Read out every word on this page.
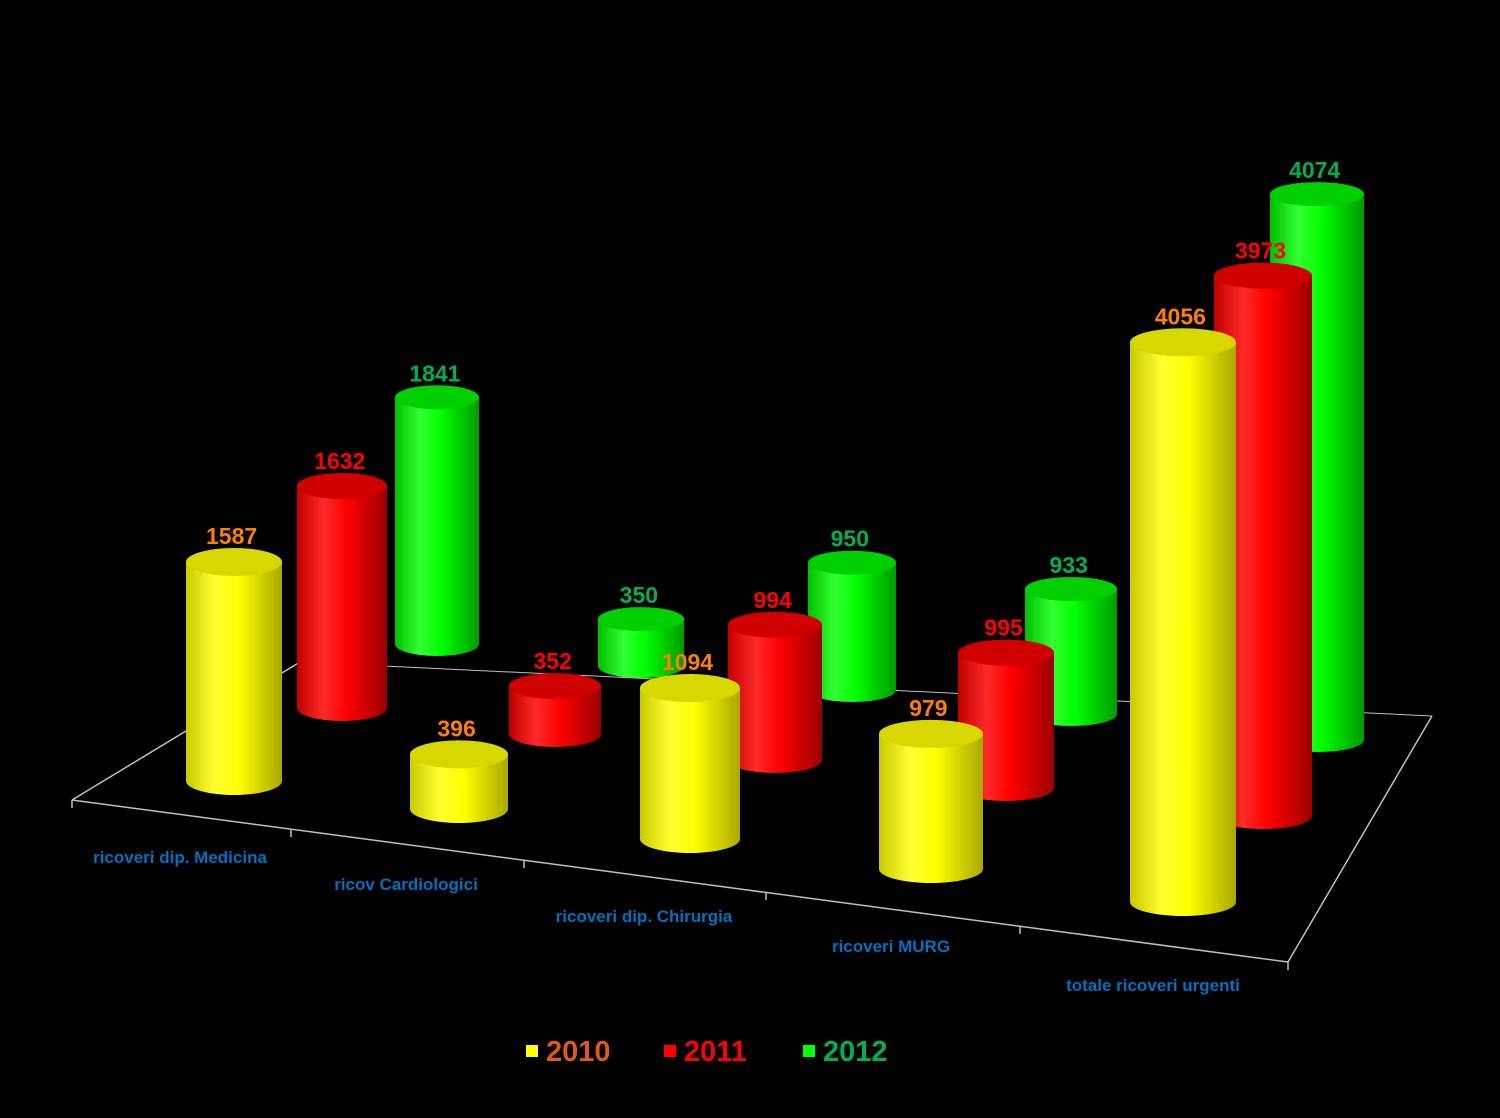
1841
350
950
1632
933
352
4074
994
1587
995
396
3973
1094
979
4056
ricoveri dip. Medicina
ricov Cardiologici
ricoveri dip. Chirurgia
ricoveri MURG
totale ricoveri urgenti
2010	2011	2012
